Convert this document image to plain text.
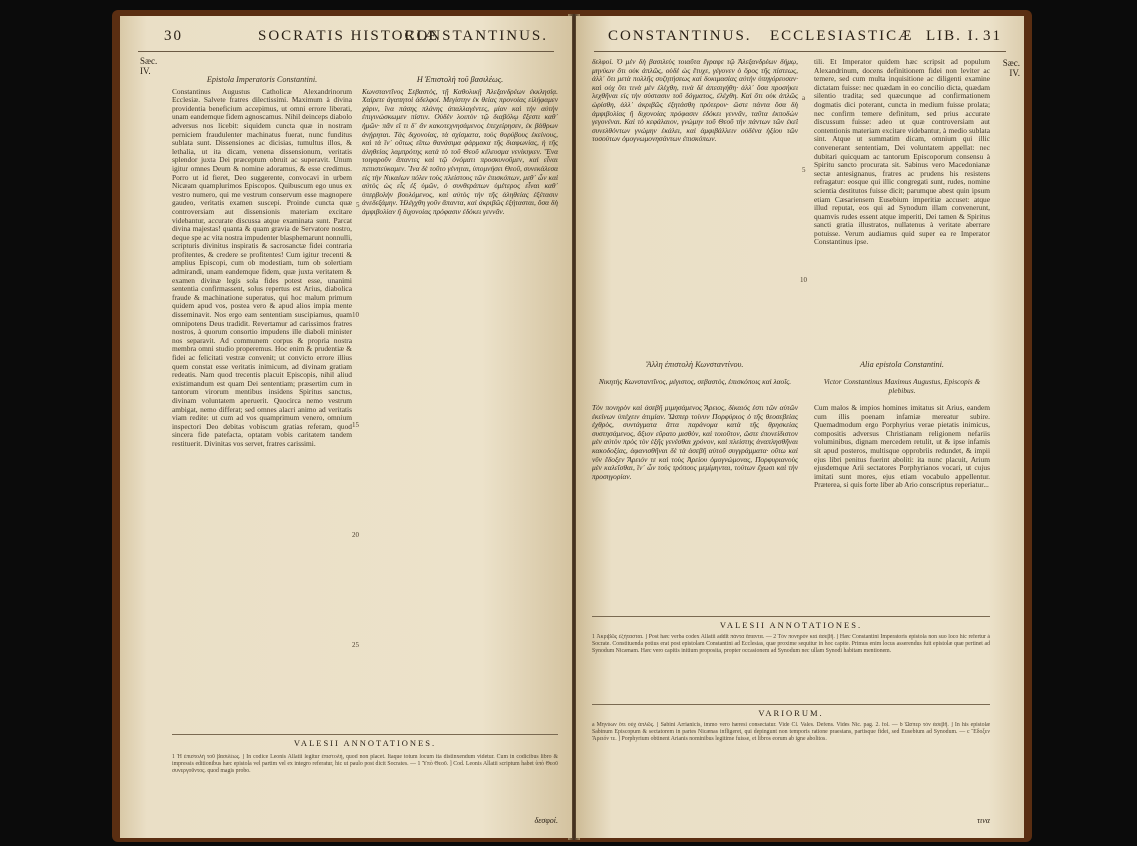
30	SOCRATIS HISTORIÆ
CONSTANTINUS.
Sæc.
IV.
Epistola Imperatoris Constantini.
Constantinus Augustus Catholicæ Alexandrinorum Ecclesiæ. Salvete fratres dilectissimi. Maximum à divina providentia beneficium accepimus, ut omni errore liberati, unam eandemque fidem agnoscamus. Nihil deinceps diabolo adversus nos licebit: siquidem cuncta quæ in nostram perniciem fraudulenter machinatus fuerat, nunc funditus sublata sunt. Dissensiones ac dicisias, tumultus illos, & lethalia, ut ita dicam, venena dissensionum, veritatis splendor juxta Dei præceptum obruit ac superavit. Unum igitur omnes Deum & nomine adoramus, & esse credimus. Porro ut id fieret, Deo suggerente, convocavi in urbem Nicæam quamplurimos Episcopos. Quibuscum ego unus ex vestro numero, qui me vestrum conservum esse magnopere gaudeo, veritatis examen suscepi. Proinde cuncta quæ controversiam aut dissensionis materiam excitare videbantur, accurate discussa atque examinata sunt. Parcat divina majestas! quanta & quam gravia de Servatore nostro, deque spe ac vita nostra impudenter blasphemarunt nonnulli, scripturis divinitus inspiratis & sacrosanctæ fidei contraria profitentes, & credere se profitentes! Cum igitur trecenti & amplius Episcopi, cum ob modestiam, tum ob solertiam admirandi, unam eandemque fidem, quæ juxta veritatem & examen divinæ legis sola fides potest esse, unanimi sententia confirmassent, solus repertus est Arius, diabolica fraude & machinatione superatus, qui hoc malum primum quidem apud vos, postea vero & apud alios impia mente disseminavit. Nos ergo eam sententiam suscipiamus, quam omnipotens Deus tradidit. Revertamur ad carissimos fratres nostros, à quorum consortio impudens ille diaboli minister nos separavit. Ad communem corpus & propria nostra membra omni studio properemus. Hoc enim & prudentiæ & fidei ac felicitati vestræ convenit; ut convicto errore illius quem constat esse veritatis inimicum, ad divinam gratiam redeatis. Nam quod trecentis placuit Episcopis, nihil aliud existimandum est quam Dei sententiam; præsertim cum in tantorum virorum mentibus insidens Spiritus sanctus, divinam voluntatem aperuerit. Quocirca nemo vestrum ambigat, nemo differat; sed omnes alacri animo ad veritatis viam redite: ut cum ad vos quamprimum venero, omnium inspectori Deo debitas vobiscum gratias referam, quod sincera fide patefacta, optatam vobis caritatem tandem restituerit. Divinitas vos servet, fratres carissimi.
Η Ἐπιστολὴ τοῦ βασιλέως.
Κωνσταντῖνος Σεβαστὸς, τῇ Καθολικῇ Ἀλεξανδρέων ἐκκλησίᾳ. Χαίρετε ἀγαπητοὶ ἀδελφοί. Μεγίστην ἐκ θείας προνοίας εἰλήφαμεν χάριν, ἵνα πάσης πλάνης ἀπαλλαγέντες, μίαν καὶ τὴν αὐτὴν ἐπιγινώσκωμεν πίστιν. Οὐδὲν λοιπὸν τῷ διαβόλῳ ἔξεστι καθ᾿ ἡμῶν· πᾶν εἴ τι δ᾿ ἂν κακοτεχνησάμενος ἐπεχείρησεν, ἐκ βάθρων ἀνῄρηται. Τὰς διχονοίας, τὰ σχίσματα, τοὺς θορύβους ἐκείνους, καὶ τὰ ἵν᾿ οὕτως εἴπω θανάσιμα φάρμακα τῆς διαφωνίας, ἡ τῆς ἀληθείας λαμπρότης κατὰ τὸ τοῦ Θεοῦ κέλευσμα νενίκηκεν. Ἕνα τοιγαροῦν ἅπαντες καὶ τῷ ὀνόματι προσκυνοῦμεν, καὶ εἶναι πεπιστεύκαμεν. Ἵνα δὲ τοῦτο γένηται, ὑπομνήσει Θεοῦ, συνεκάλεσα εἰς τὴν Νικαέων πόλιν τοὺς πλείστους τῶν ἐπισκόπων, μεθ᾿ ὧν καὶ αὐτὸς ὡς εἷς ἐξ ὑμῶν, ὁ συνθεράπων ὑμέτερος εἶναι καθ᾿ ὑπερβολὴν βουλόμενος, καὶ αὐτὸς τὴν τῆς ἀληθείας ἐξέτασιν ἀνεδεξάμην. Ἠλέγχθη γοῦν ἅπαντα, καὶ ἀκριβῶς ἐξήτασται, ὅσα δὴ ἀμφιβολίαν ἢ διχονοίας πρόφασιν ἐδόκει γεννᾶν.
5
10
15
20
25
VALESII ANNOTATIONES.
1 Ἡ ἐπιστολὴ τοῦ βασιλέως. ] In codice Leonis Allatii legitur ἐπιστολὴ, quod non placet. Itaque totum locum ita distinxendum videtur. Cum in codicibus libro & impressis editionibus hæc epistola vel partim vel ex integro referatur, hic ut paulo post dicit Socrates. — 1 Ὑπὸ Θεοῦ. ] Cod. Leonis Allatii scriptum habet ὑπὸ Θεοῦ συνεργοῦντος. quod magis probo.
δεσφοί.
CONSTANTINUS. ECCLESIASTICÆ LIB. I. 31
Sæc.
IV.
δελφοί. Ὁ μὲν δὴ βασιλεὺς τοιαῦτα ἔγραφε τῷ Ἀλεξανδρέων δήμῳ, μηνύων ὅτι οὐκ ἁπλῶς, οὐδὲ ὡς ἔτυχε, γέγονεν ὁ ὅρος τῆς πίστεως, ἀλλ᾿ ὅτι μετὰ πολλῆς συζητήσεως καὶ δοκιμασίας αὐτὴν ὑπηγόρευσαν· καὶ οὐχ ὅτι τινὰ μὲν ἐλέχθη, τινὰ δὲ ἀπεσιγήθη· ἀλλ᾿ ὅσα προσήκει λεχθῆναι εἰς τὴν σύστασιν τοῦ δόγματος, ἐλέχθη. Καὶ ὅτι οὐκ ἁπλῶς ὡρίσθη, ἀλλ᾿ ἀκριβῶς ἐξητάσθη πρότερον· ὥστε πάντα ὅσα δὴ ἀμφιβολίας ἢ διχονοίας πρόφασιν ἐδόκει γεννᾶν, ταῦτα ἐκποδὼν γεγονέναι. Καὶ τὸ κεφάλαιον, γνώμην τοῦ Θεοῦ τὴν πάντων τῶν ἐκεῖ συνελθόντων γνώμην ἐκάλει, καὶ ἀμφιβάλλειν οὐδένα ἠξίου τῶν τοσούτων ὁμογνωμονησάντων ἐπισκόπων.
tili. Et Imperator quidem hæc scripsit ad populum Alexandrinum, docens definitionem fidei non leviter ac temere, sed cum multa inquisitione ac diligenti examine dictatam fuisse: nec quædam in eo concilio dicta, quædam silentio tradita; sed quæcunque ad confirmationem dogmatis dici poterant, cuncta in medium fuisse prolata; nec confirm temere definitum, sed prius accurate discussum fuisse: adeo ut quæ controversiam aut contentionis materiam excitare videbantur, à medio sublata sint. Atque ut summatim dicam, omnium qui illic convenerant sententiam, Dei voluntatem appellat: nec dubitari quicquam ac tantorum Episcoporum consensu à Spiritu sancto procurata sit. Sabinus vero Macedonianæ sectæ antesignanus, fratres ac prudens his resistens refragatur: eosque qui illic congregati sunt, rudes, nomine scientia destitutos fuisse dicit; parumque abest quin ipsum etiam Cæsariensem Eusebium imperitiæ accuset: atque illud reputat, eos qui ad Synodum illam convenerunt, quamvis rudes essent atque imperiti, Dei tamen & Spiritus sancti gratia illustratos, nullatenus à veritate aberrare potuisse. Verum audiamus quid super ea re Imperator Constantinus ipse.
a
5
10
Ἄλλη ἐπιστολὴ Κωνσταντίνου.	Alia epistola Constantini.
Νικητὴς Κωνσταντῖνος, μέγιστος, σεβαστὸς, ἐπισκόποις καὶ λαοῖς.	Victor Constantinus Maximus Augustus, Episcopis & plebibus.
Τὸν πονηρὸν καὶ ἀσεβῆ μιμησάμενος Ἄρειος, δίκαιός ἐστι τῶν αὐτῶν ἐκείνων ὑπέχειν ἀτιμίαν. Ὥσπερ τοίνυν Πορφύριος ὁ τῆς θεοσεβείας ἐχθρὸς, συντάγματα ἄττα παράνομα κατὰ τῆς θρησκείας συστησάμενος, ἄξιον εὕρατο μισθὸν, καὶ τοιοῦτον, ὥστε ἐπονείδιστον μὲν αὐτὸν πρὸς τὸν ἑξῆς γενέσθαι χρόνον, καὶ πλείστης ἀναπλησθῆναι κακοδοξίας, ἀφανισθῆναι δὲ τὰ ἀσεβῆ αὐτοῦ συγγράμματα· οὕτω καὶ νῦν ἔδοξεν Ἄρειόν τε καὶ τοὺς Ἀρείου ὁμογνώμονας, Πορφυριανοὺς μὲν καλεῖσθαι, ἵν᾿ ὧν τοὺς τρόπους μεμίμηνται, τούτων ἔχωσι καὶ τὴν προσηγορίαν.
Cum malos & impios homines imitatus sit Arius, eandem cum illis poenam infamiæ mereatur subire. Quemadmodum ergo Porphyrius verae pietatis inimicus, compositis adversus Christianam religionem nefariis voluminibus, dignam mercedem retulit, ut & ipse infamis sit apud posteros, multisque opprobriis redundet, & impii ejus libri penitus fuerint aboliti: ita nunc placuit, Arium ejusdemque Arii sectatores Porphyrianos vocari, ut cujus imitati sunt mores, ejus etiam vocabulo appellentur. Præterea, si quis forte liber ab Ario conscriptus reperiatur...
VALESII ANNOTATIONES.
1 Ἀκριβῶς ἐξήτασται. ] Post hæc verba codex Allatii addit πάντα ἅπαντα. — 2 Τὸν πονηρὸν καὶ ἀσεβῆ. ] Hæc Constantini Imperatoris epistola non suo loco hic refertur à Socrate. Constituenda potius erat post epistolam Constantini ad Ecclesias, quæ proxime sequitur in hoc capite. Primus enim locus asserendus fuit epistolæ quæ pertinet ad Synodum Nicænam. Hæc vero capitis initium proposita, propter occasionem ad Synodum nec ullam Synodi habitam mentionem.
VARIORUM.
a Μηνύων ὅτι οὐχ ἁπλῶς. ] Sabini Arrianicis, immo vero hæresi consectatur. Vide Cl. Vales. Defens. Vides Nic. pag. 2. fol. — b Ὡσπερ τὸν ἀσεβῆ. ] In his epistolæ Sabinum Episcopum & sectatorem in partes Nicænas infligeret, qui depingunt non temporis ratione praestans, partisque fidei, sed Eusebium ad Synodum. — c Ἔδοξεν Ἄρειόν τε. ] Porphyrium obtinent Arianis nominibus legitime fuisse, et libros eorum ab igne abolitos.
τινα
